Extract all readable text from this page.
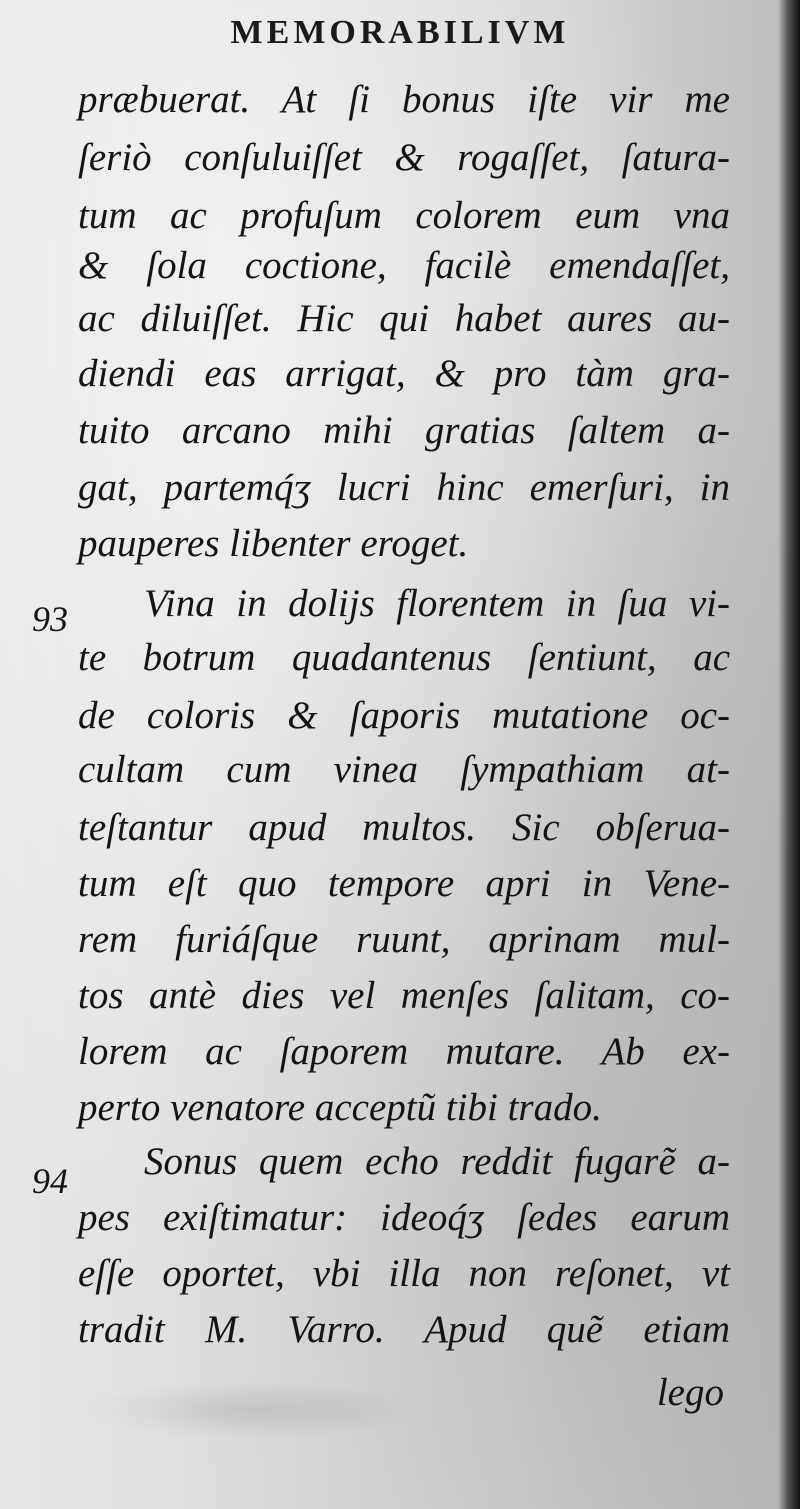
MEMORABILIVM
prӕbuerat. At ſi bonus iſte vir me
ſeriò conſuluiſſet & rogaſſet, ſatura-
tum ac profuſum colorem eum vna
& ſola coctione, facilè emendaſſet,
ac diluiſſet. Hic qui habet aures au-
diendi eas arrigat, & pro tàm gra-
tuito arcano mihi gratias ſaltem a-
gat, partemq́ʒ lucri hinc emerſuri, in
pauperes libenter eroget.
93 Vina in dolijs florentem in ſua vi-
te botrum quadantenus ſentiunt, ac
de coloris & ſaporis mutatione oc-
cultam cum vinea ſympathiam at-
teſtantur apud multos. Sic obſerua-
tum eſt quo tempore apri in Vene-
rem furiáſque ruunt, aprinam mul-
tos antè dies vel menſes ſalitam, co-
lorem ac ſaporem mutare. Ab ex-
perto venatore acceptũ tibi trado.
94 Sonus quem echo reddit fugarẽ a-
pes exiſtimatur: ideoq́ʒ ſedes earum
eſſe oportet, vbi illa non reſonet, vt
tradit M. Varro. Apud quẽ etiam
lego
